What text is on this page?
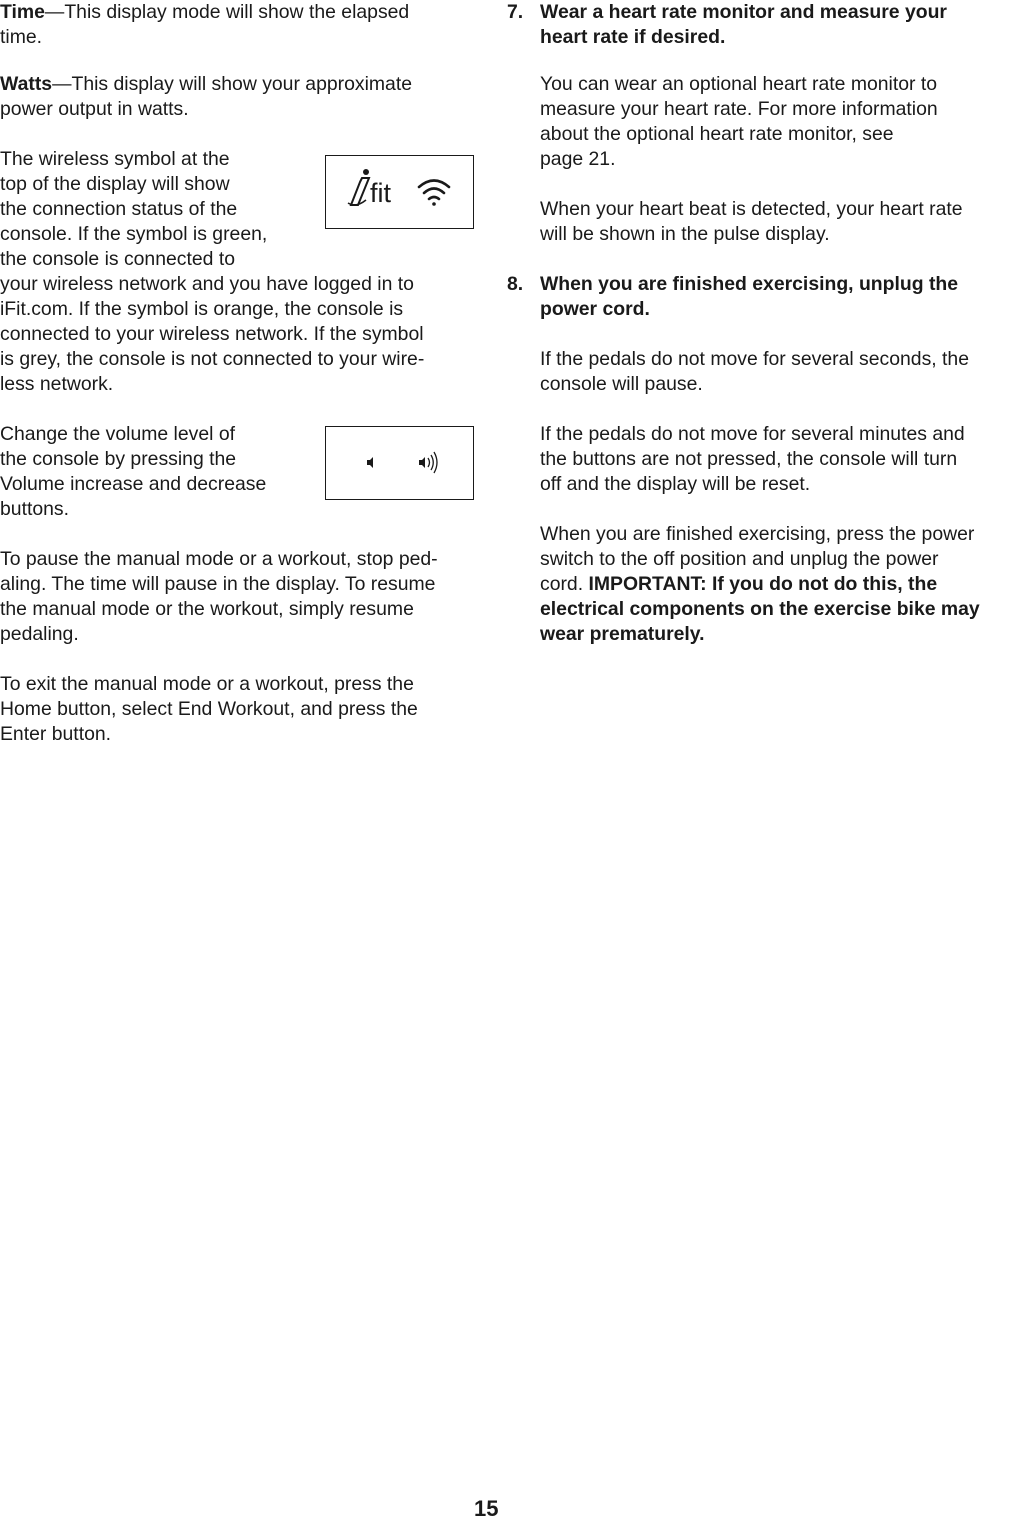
Time—This display mode will show the elapsed

time.

Watts—This display will show your approximate

power output in watts.

The wireless symbol at the

top of the display will show

the connection status of the

console. If the symbol is green,

the console is connected to

your wireless network and you have logged in to

iFit.com. If the symbol is orange, the console is

connected to your wireless network. If the symbol

is grey, the console is not connected to your wire-

less network.

fit

Change the volume level of

the console by pressing the

Volume increase and decrease

buttons.

To pause the manual mode or a workout, stop ped-

aling. The time will pause in the display. To resume

the manual mode or the workout, simply resume

pedaling.

To exit the manual mode or a workout, press the

Home button, select End Workout, and press the

Enter button.

7. Wear a heart rate monitor and measure your

heart rate if desired.

You can wear an optional heart rate monitor to

measure your heart rate. For more information

about the optional heart rate monitor, see

page 21.

When your heart beat is detected, your heart rate

will be shown in the pulse display.

8. When you are finished exercising, unplug the

power cord.

If the pedals do not move for several seconds, the

console will pause.

If the pedals do not move for several minutes and

the buttons are not pressed, the console will turn

off and the display will be reset.

When you are finished exercising, press the power

switch to the off position and unplug the power

cord. IMPORTANT: If you do not do this, the

electrical components on the exercise bike may

wear prematurely.

15
